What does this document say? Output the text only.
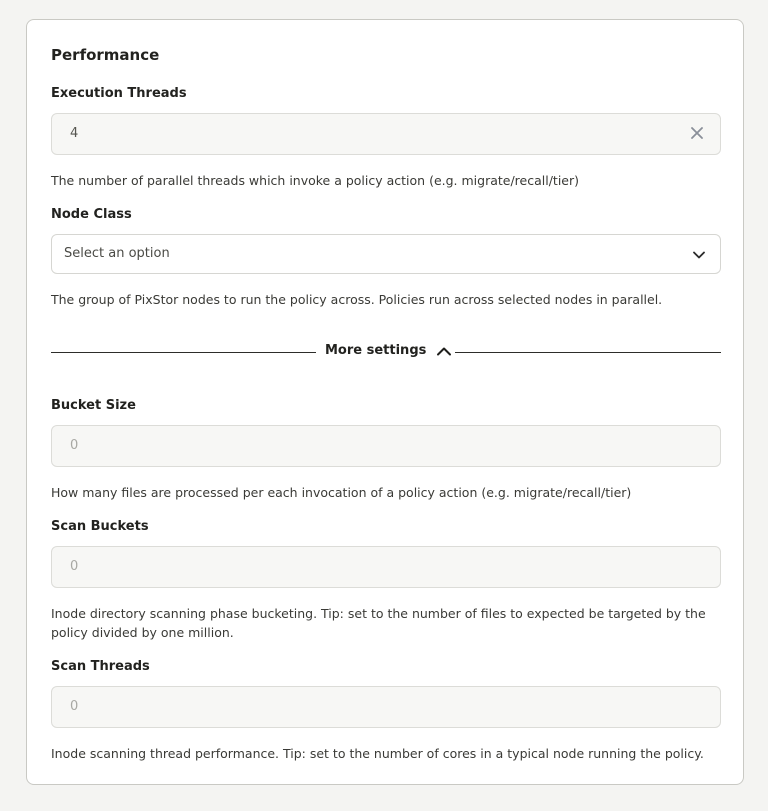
Performance
Execution Threads
4
The number of parallel threads which invoke a policy action (e.g. migrate/recall/tier)
Node Class
Select an option
The group of PixStor nodes to run the policy across. Policies run across selected nodes in parallel.
More settings
Bucket Size
0
How many files are processed per each invocation of a policy action (e.g. migrate/recall/tier)
Scan Buckets
0
Inode directory scanning phase bucketing. Tip: set to the number of files to expected be targeted by the policy divided by one million.
Scan Threads
0
Inode scanning thread performance. Tip: set to the number of cores in a typical node running the policy.
